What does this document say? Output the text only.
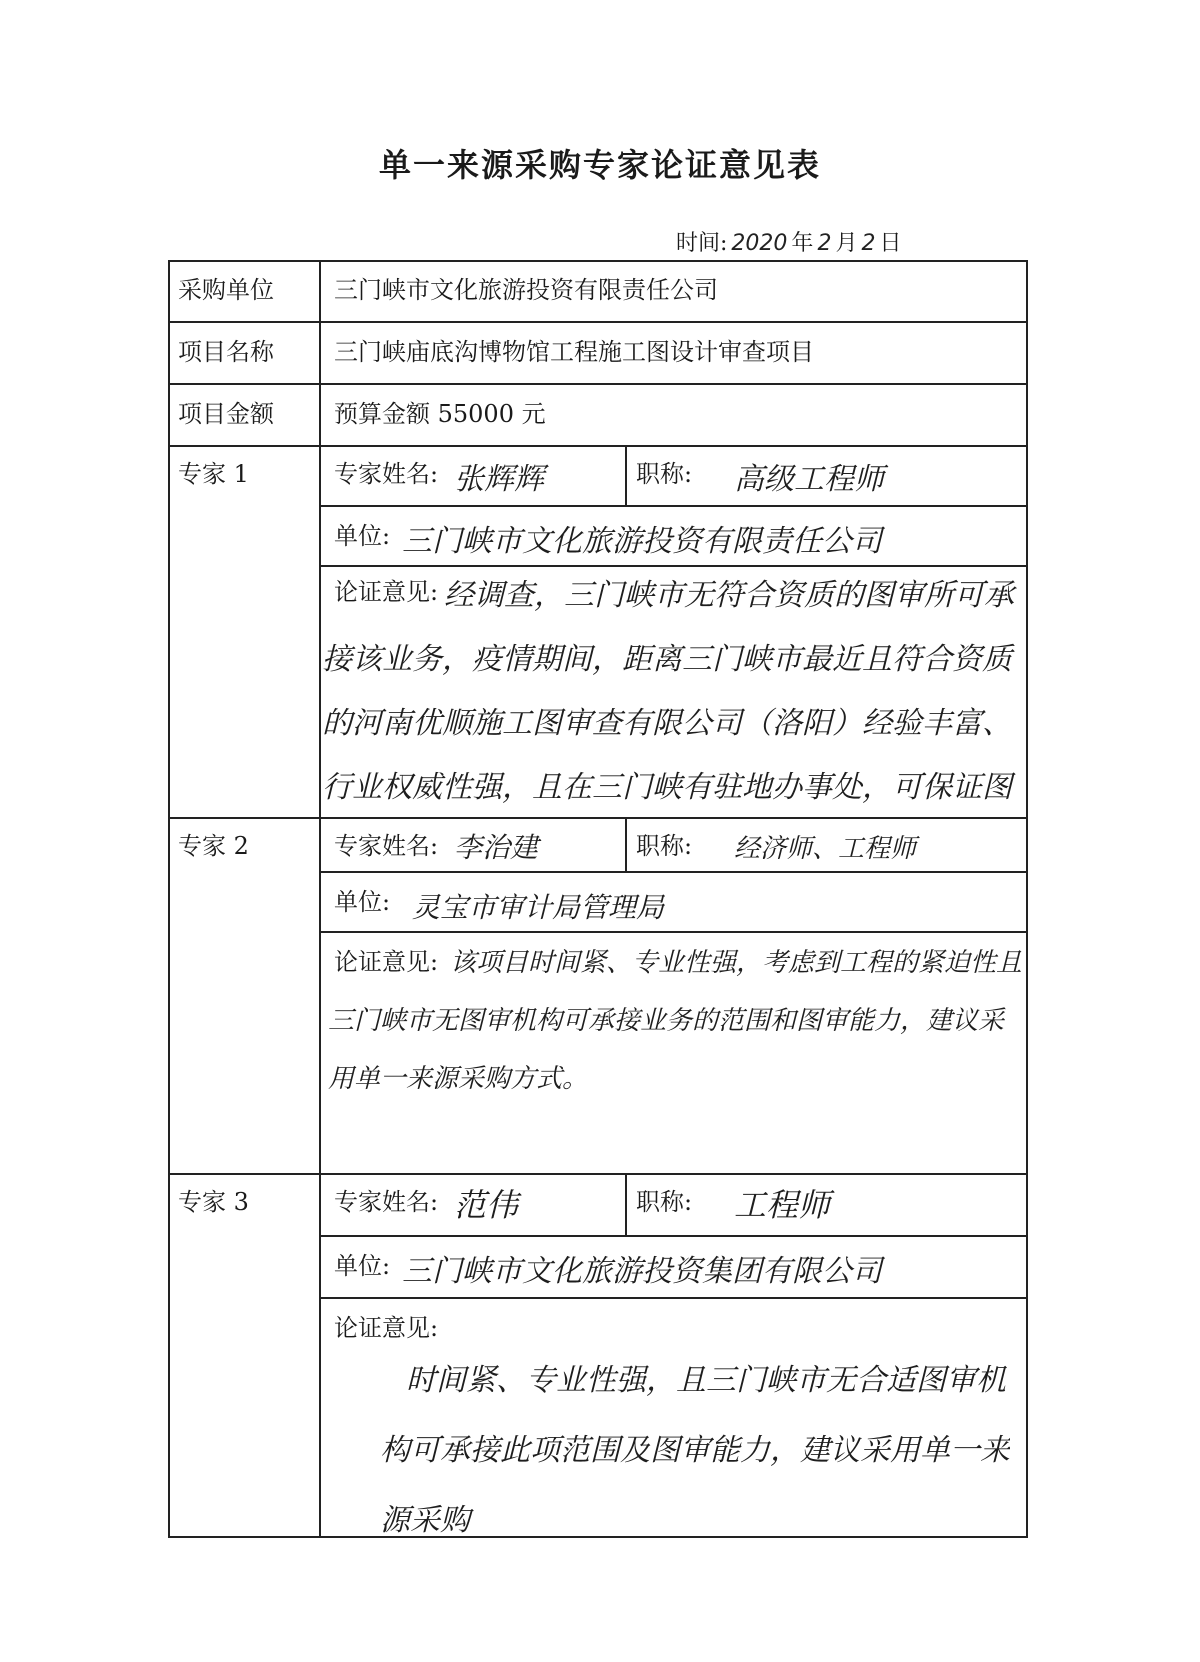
单一来源采购专家论证意见表
时间: 2020 年 2 月 2 日
采购单位	三门峡市文化旅游投资有限责任公司
项目名称	三门峡庙底沟博物馆工程施工图设计审查项目
项目金额	预算金额 55000 元
专家 1	专家姓名: 张辉辉	职称: 高级工程师
单位: 三门峡市文化旅游投资有限责任公司
论证意见: 经调查，三门峡市无符合资质的图审所可承接该业务，疫情期间，距离三门峡市最近且符合资质的河南优顺施工图审查有限公司（洛阳）经验丰富、行业权威性强，且在三门峡有驻地办事处，可保证图
专家 2	专家姓名: 李治建	职称: 经济师、工程师
单位: 灵宝市审计局管理局
论证意见: 该项目时间紧、专业性强，考虑到工程的紧迫性且三门峡市无图审机构可承接业务的范围和图审能力，建议采用单一来源采购方式。
专家 3	专家姓名: 范伟	职称: 工程师
单位: 三门峡市文化旅游投资集团有限公司
论证意见:
时间紧、专业性强，且三门峡市无合适图审机构可承接此项范围及图审能力，建议采用单一来源采购
